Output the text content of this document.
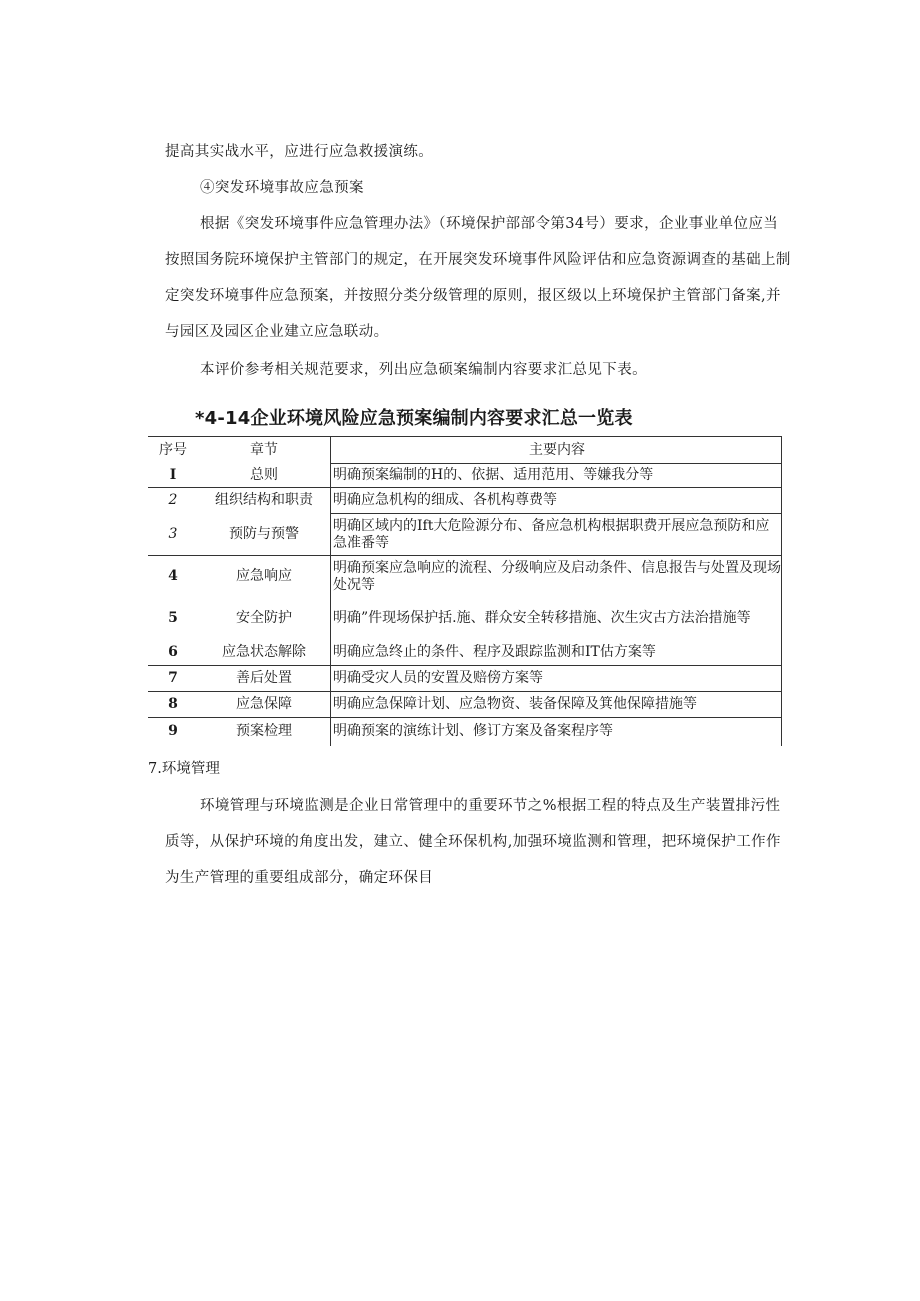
提高其实战水平，应进行应急救援演练。
④突发环境事故应急预案
根据《突发环境事件应急管理办法》（环境保护部部令第34号）要求，企业事业单位应当
按照国务院环境保护主管部门的规定，在开展突发环境事件风险评估和应急资源调查的基础上制
定突发环境事件应急预案，并按照分类分级管理的原则，报区级以上环境保护主管部门备案,并
与园区及园区企业建立应急联动。
本评价参考相关规范要求，列出应急硕案编制内容要求汇总见下表。
*4-14企业环境风险应急预案编制内容要求汇总一览表
序号	章节	主要内容
I	总则	明确预案编制的H的、依据、适用范用、等嫌我分等
2	组织结构和职责	明确应急机构的细成、各机构尊费等
3	预防与预警	明确区域内的Ift大危险源分布、备应急机构根据职费开展应急预防和应急准番等
4	应急响应	明确预案应急响应的流程、分级响应及启动条件、信息报告与处置及现场处况等
5	安全防护	明确”件现场保护括.施、群众安全转移措施、次生灾古方法治措施等
6	应急状态解除	明确应急终止的条件、程序及跟踪监测和IT估方案等
7	善后处置	明确受灾人员的安置及赔傍方案等
8	应急保障	明确应急保障计划、应急物资、装备保障及箕他保障措施等
9	预案检理	明确预案的演练计划、修订方案及备案程序等
7.环境管理
环境管理与环境监测是企业日常管理中的重要环节之%根据工程的特点及生产装置排污性
质等，从保护环境的角度出发，建立、健全环保机构,加强环境监测和管理，把环境保护工作作
为生产管理的重要组成部分，确定环保目
